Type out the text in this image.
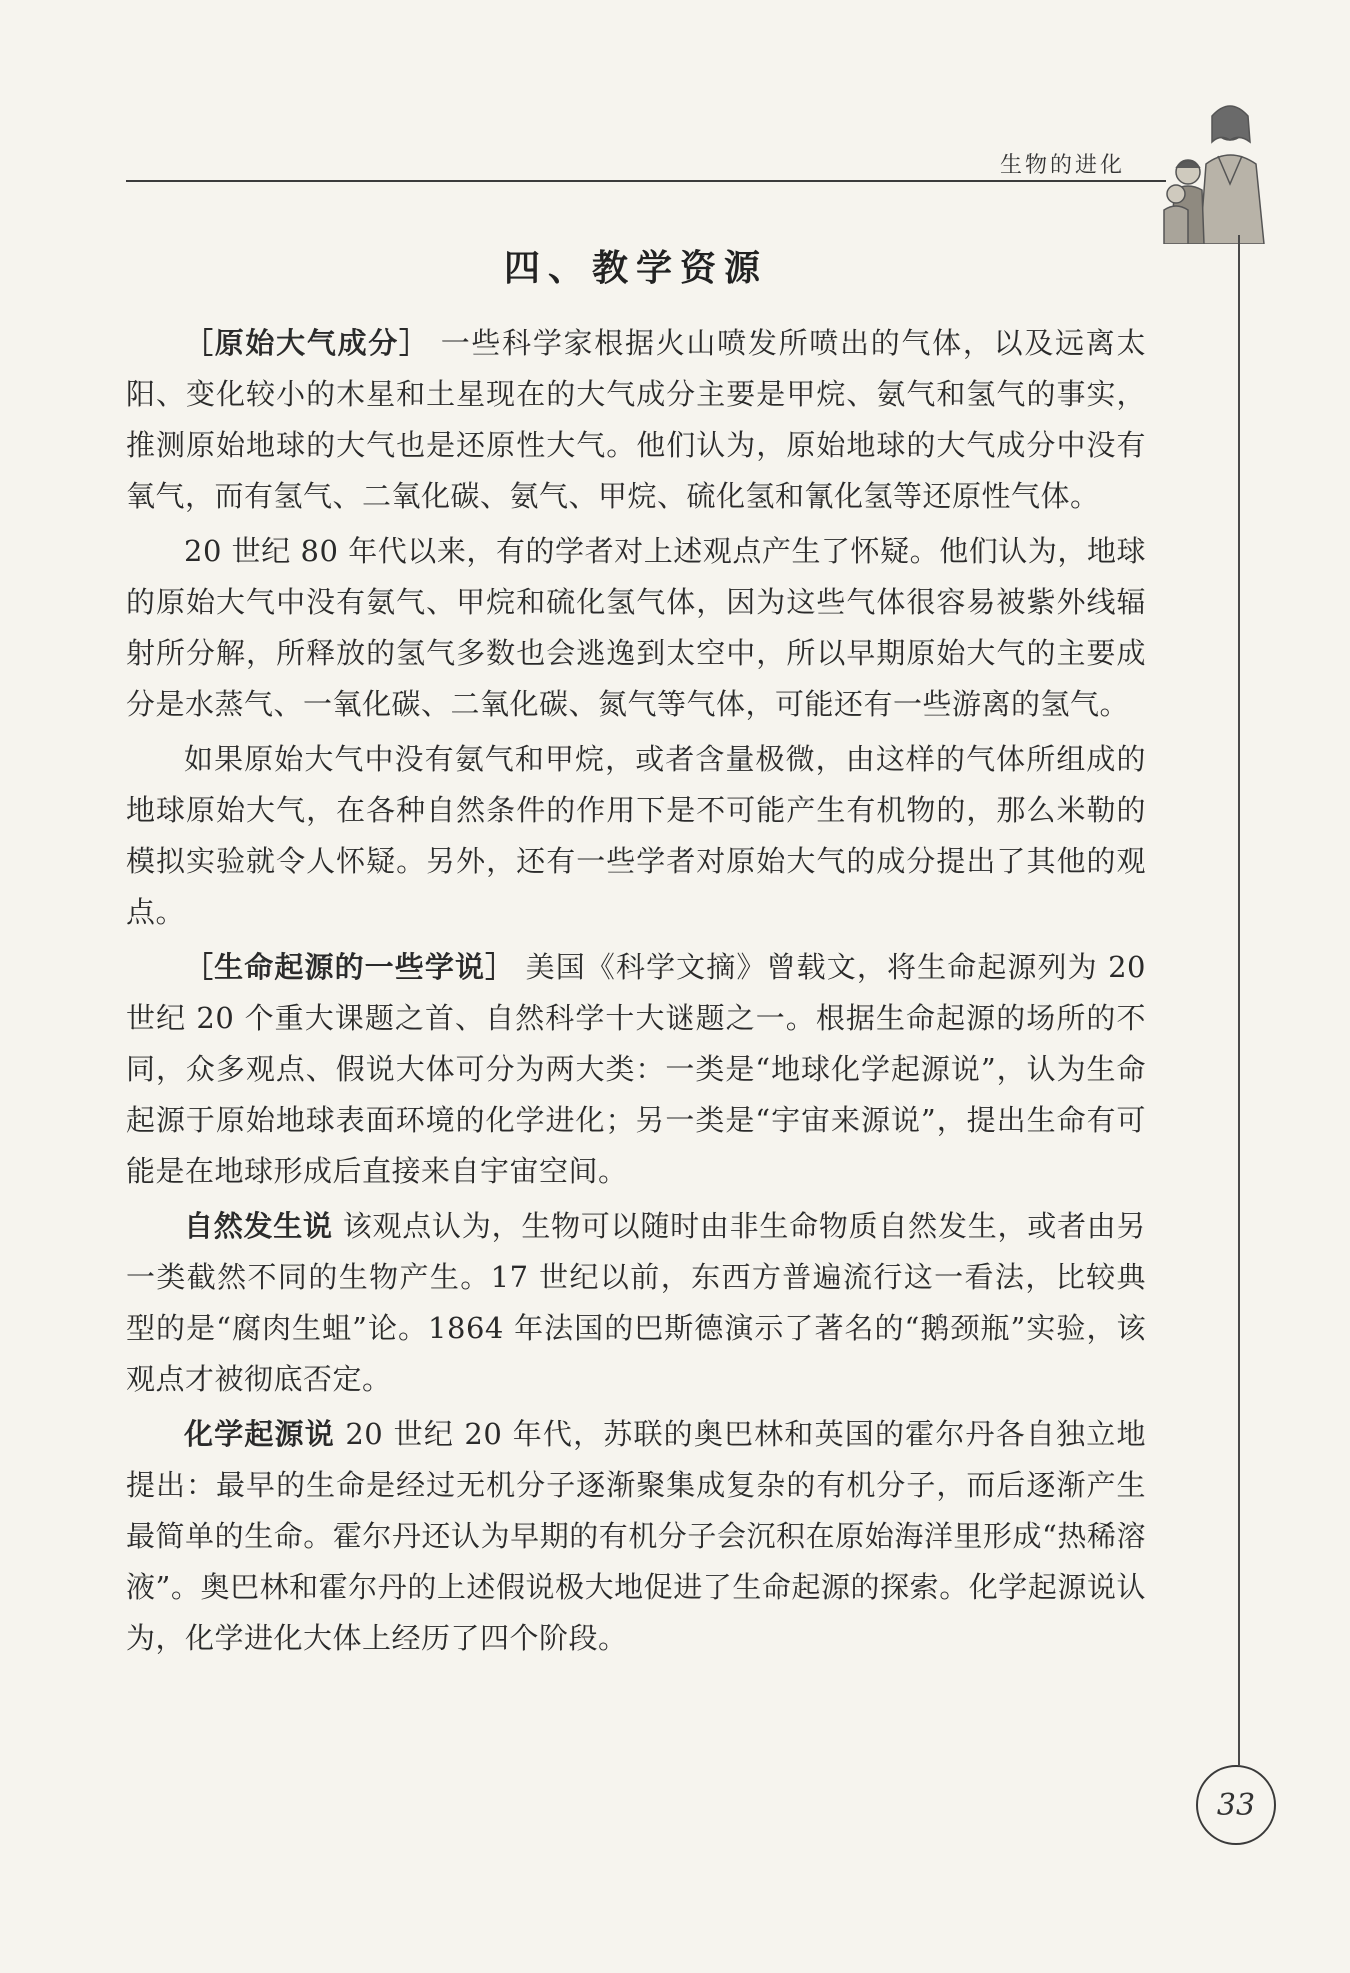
生物的进化
四、教学资源

［原始大气成分］ 一些科学家根据火山喷发所喷出的气体，以及远离太阳、变化较小的木星和土星现在的大气成分主要是甲烷、氨气和氢气的事实，推测原始地球的大气也是还原性大气。他们认为，原始地球的大气成分中没有氧气，而有氢气、二氧化碳、氨气、甲烷、硫化氢和氰化氢等还原性气体。

20 世纪 80 年代以来，有的学者对上述观点产生了怀疑。他们认为，地球的原始大气中没有氨气、甲烷和硫化氢气体，因为这些气体很容易被紫外线辐射所分解，所释放的氢气多数也会逃逸到太空中，所以早期原始大气的主要成分是水蒸气、一氧化碳、二氧化碳、氮气等气体，可能还有一些游离的氢气。

如果原始大气中没有氨气和甲烷，或者含量极微，由这样的气体所组成的地球原始大气，在各种自然条件的作用下是不可能产生有机物的，那么米勒的模拟实验就令人怀疑。另外，还有一些学者对原始大气的成分提出了其他的观点。

［生命起源的一些学说］ 美国《科学文摘》曾载文，将生命起源列为 20 世纪 20 个重大课题之首、自然科学十大谜题之一。根据生命起源的场所的不同，众多观点、假说大体可分为两大类：一类是“地球化学起源说”，认为生命起源于原始地球表面环境的化学进化；另一类是“宇宙来源说”，提出生命有可能是在地球形成后直接来自宇宙空间。

自然发生说 该观点认为，生物可以随时由非生命物质自然发生，或者由另一类截然不同的生物产生。17 世纪以前，东西方普遍流行这一看法，比较典型的是“腐肉生蛆”论。1864 年法国的巴斯德演示了著名的“鹅颈瓶”实验，该观点才被彻底否定。

化学起源说 20 世纪 20 年代，苏联的奥巴林和英国的霍尔丹各自独立地提出：最早的生命是经过无机分子逐渐聚集成复杂的有机分子，而后逐渐产生最简单的生命。霍尔丹还认为早期的有机分子会沉积在原始海洋里形成“热稀溶液”。奥巴林和霍尔丹的上述假说极大地促进了生命起源的探索。化学起源说认为，化学进化大体上经历了四个阶段。

33
